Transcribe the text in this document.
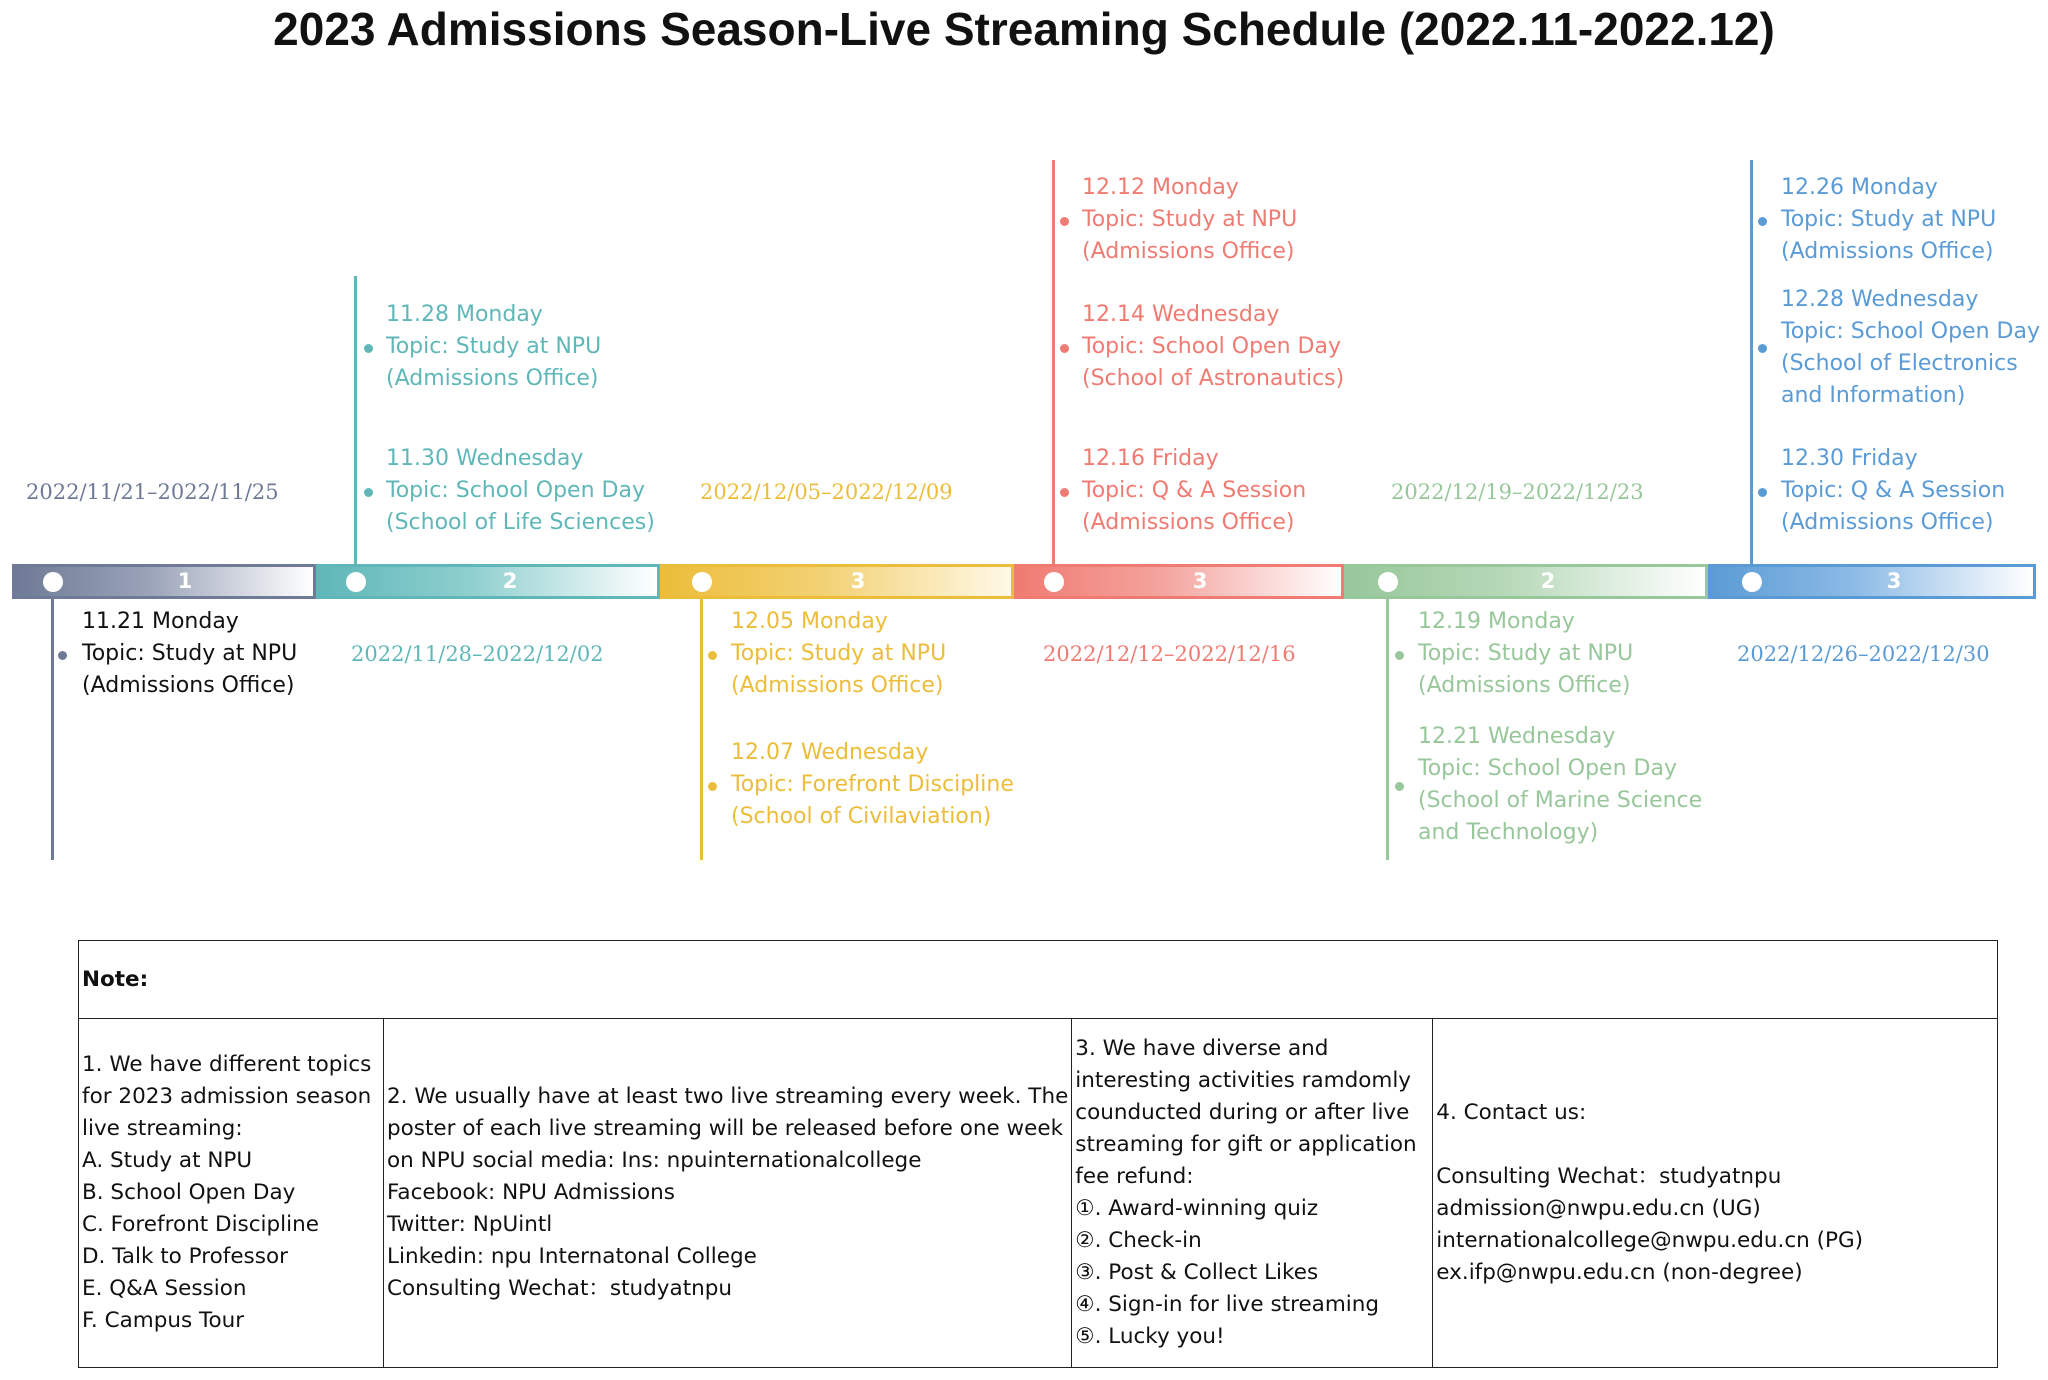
2023 Admissions Season-Live Streaming Schedule (2022.11-2022.12)
1	2	3	3	2	3
2022/11/21–2022/11/25
2022/11/28–2022/12/02
2022/12/05–2022/12/09
2022/12/12–2022/12/16
2022/12/19–2022/12/23
2022/12/26–2022/12/30
11.21 Monday
Topic: Study at NPU
(Admissions Office)
11.28 Monday
Topic: Study at NPU
(Admissions Office)
11.30 Wednesday
Topic: School Open Day
(School of Life Sciences)
12.05 Monday
Topic: Study at NPU
(Admissions Office)
12.07 Wednesday
Topic: Forefront Discipline
(School of Civilaviation)
12.12 Monday
Topic: Study at NPU
(Admissions Office)
12.14 Wednesday
Topic: School Open Day
(School of Astronautics)
12.16 Friday
Topic: Q & A Session
(Admissions Office)
12.19 Monday
Topic: Study at NPU
(Admissions Office)
12.21 Wednesday
Topic: School Open Day
(School of Marine Science
and Technology)
12.26 Monday
Topic: Study at NPU
(Admissions Office)
12.28 Wednesday
Topic: School Open Day
(School of Electronics
and Information)
12.30 Friday
Topic: Q & A Session
(Admissions Office)
Note:

1. We have different topics
for 2023 admission season
live streaming:
A. Study at NPU
B. School Open Day
C. Forefront Discipline
D. Talk to Professor
E. Q&A Session
F. Campus Tour

2. We usually have at least two live streaming every week. The
poster of each live streaming will be released before one week
on NPU social media: Ins: npuinternationalcollege
Facebook: NPU Admissions
Twitter: NpUintl
Linkedin: npu Internatonal College
Consulting Wechat：studyatnpu

3. We have diverse and
interesting activities ramdomly
counducted during or after live
streaming for gift or application
fee refund:
①. Award-winning quiz
②. Check-in
③. Post & Collect Likes
④. Sign-in for live streaming
⑤. Lucky you!

4. Contact us:
Consulting Wechat：studyatnpu
admission@nwpu.edu.cn (UG)
internationalcollege@nwpu.edu.cn (PG)
ex.ifp@nwpu.edu.cn (non-degree)
